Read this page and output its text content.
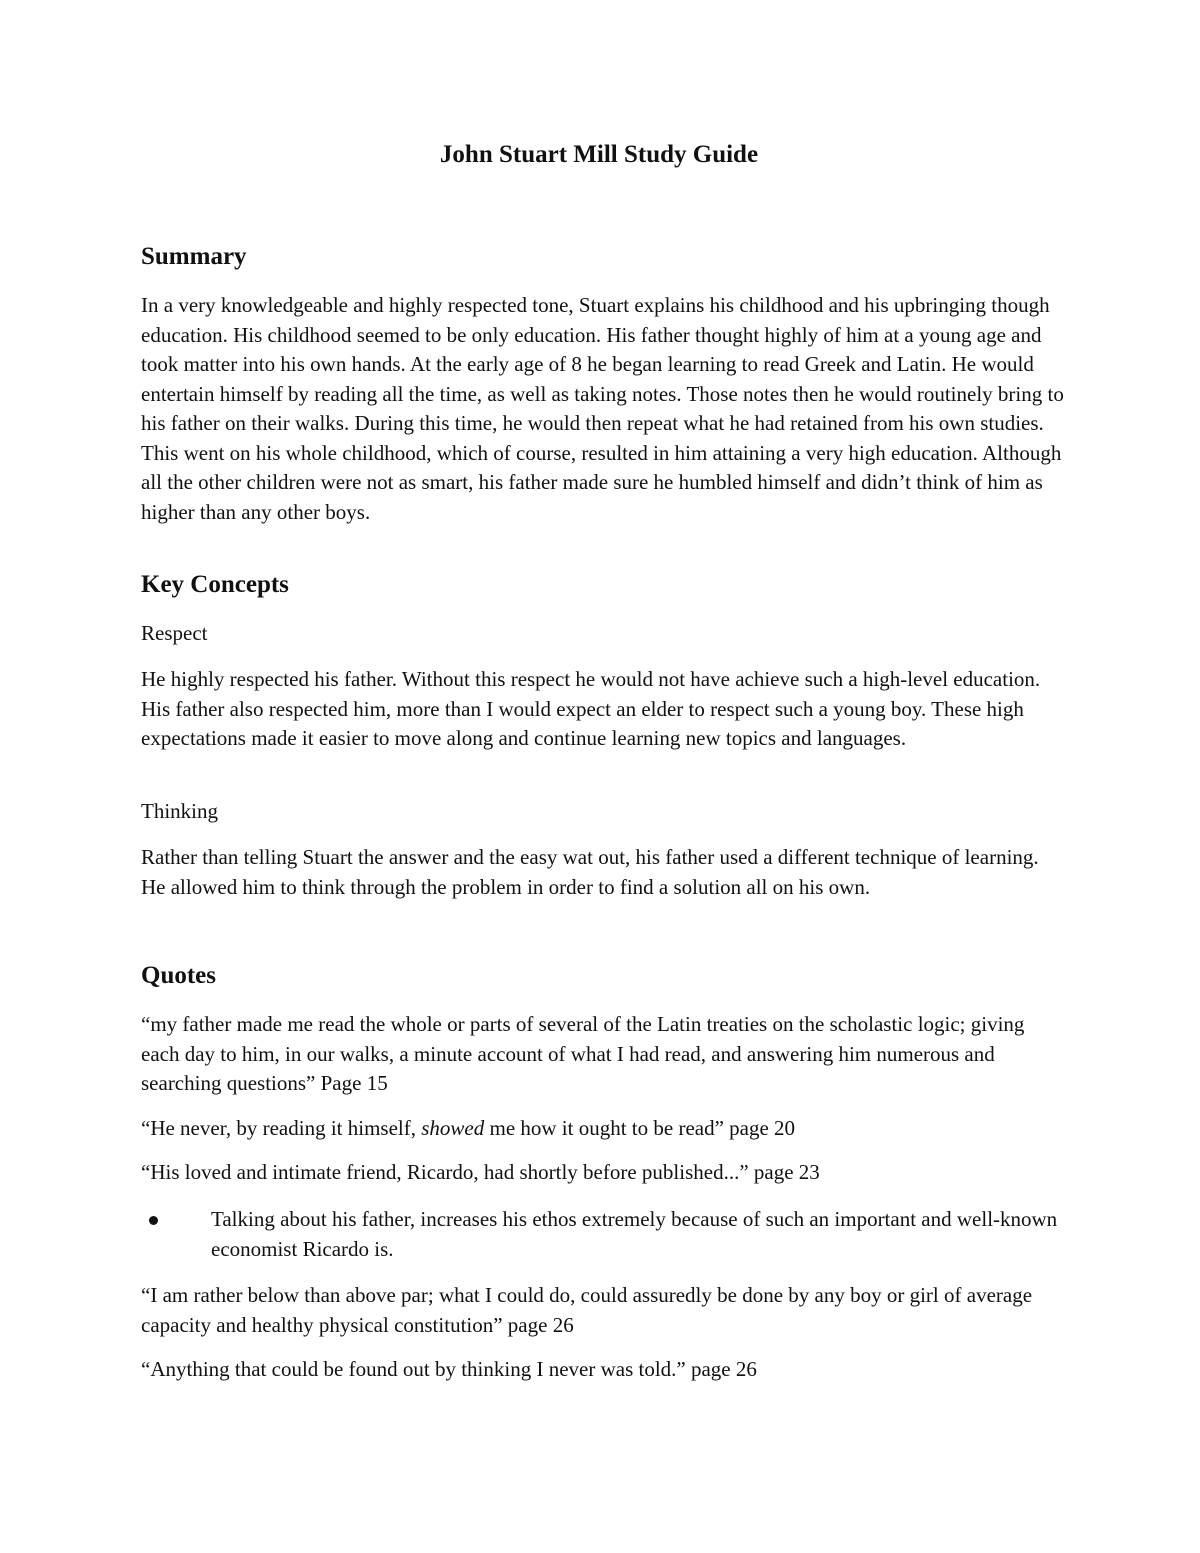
John Stuart Mill Study Guide
Summary

In a very knowledgeable and highly respected tone, Stuart explains his childhood and his upbringing though education. His childhood seemed to be only education. His father thought highly of him at a young age and took matter into his own hands. At the early age of 8 he began learning to read Greek and Latin. He would entertain himself by reading all the time, as well as taking notes. Those notes then he would routinely bring to his father on their walks. During this time, he would then repeat what he had retained from his own studies. This went on his whole childhood, which of course, resulted in him attaining a very high education. Although all the other children were not as smart, his father made sure he humbled himself and didn’t think of him as higher than any other boys.

Key Concepts

Respect

He highly respected his father. Without this respect he would not have achieve such a high-level education. His father also respected him, more than I would expect an elder to respect such a young boy. These high expectations made it easier to move along and continue learning new topics and languages.

Thinking

Rather than telling Stuart the answer and the easy wat out, his father used a different technique of learning. He allowed him to think through the problem in order to find a solution all on his own.

Quotes

“my father made me read the whole or parts of several of the Latin treaties on the scholastic logic; giving each day to him, in our walks, a minute account of what I had read, and answering him numerous and searching questions” Page 15

“He never, by reading it himself, showed me how it ought to be read” page 20

“His loved and intimate friend, Ricardo, had shortly before published...” page 23

Talking about his father, increases his ethos extremely because of such an important and well-known economist Ricardo is.

“I am rather below than above par; what I could do, could assuredly be done by any boy or girl of average capacity and healthy physical constitution” page 26

“Anything that could be found out by thinking I never was told.” page 26
